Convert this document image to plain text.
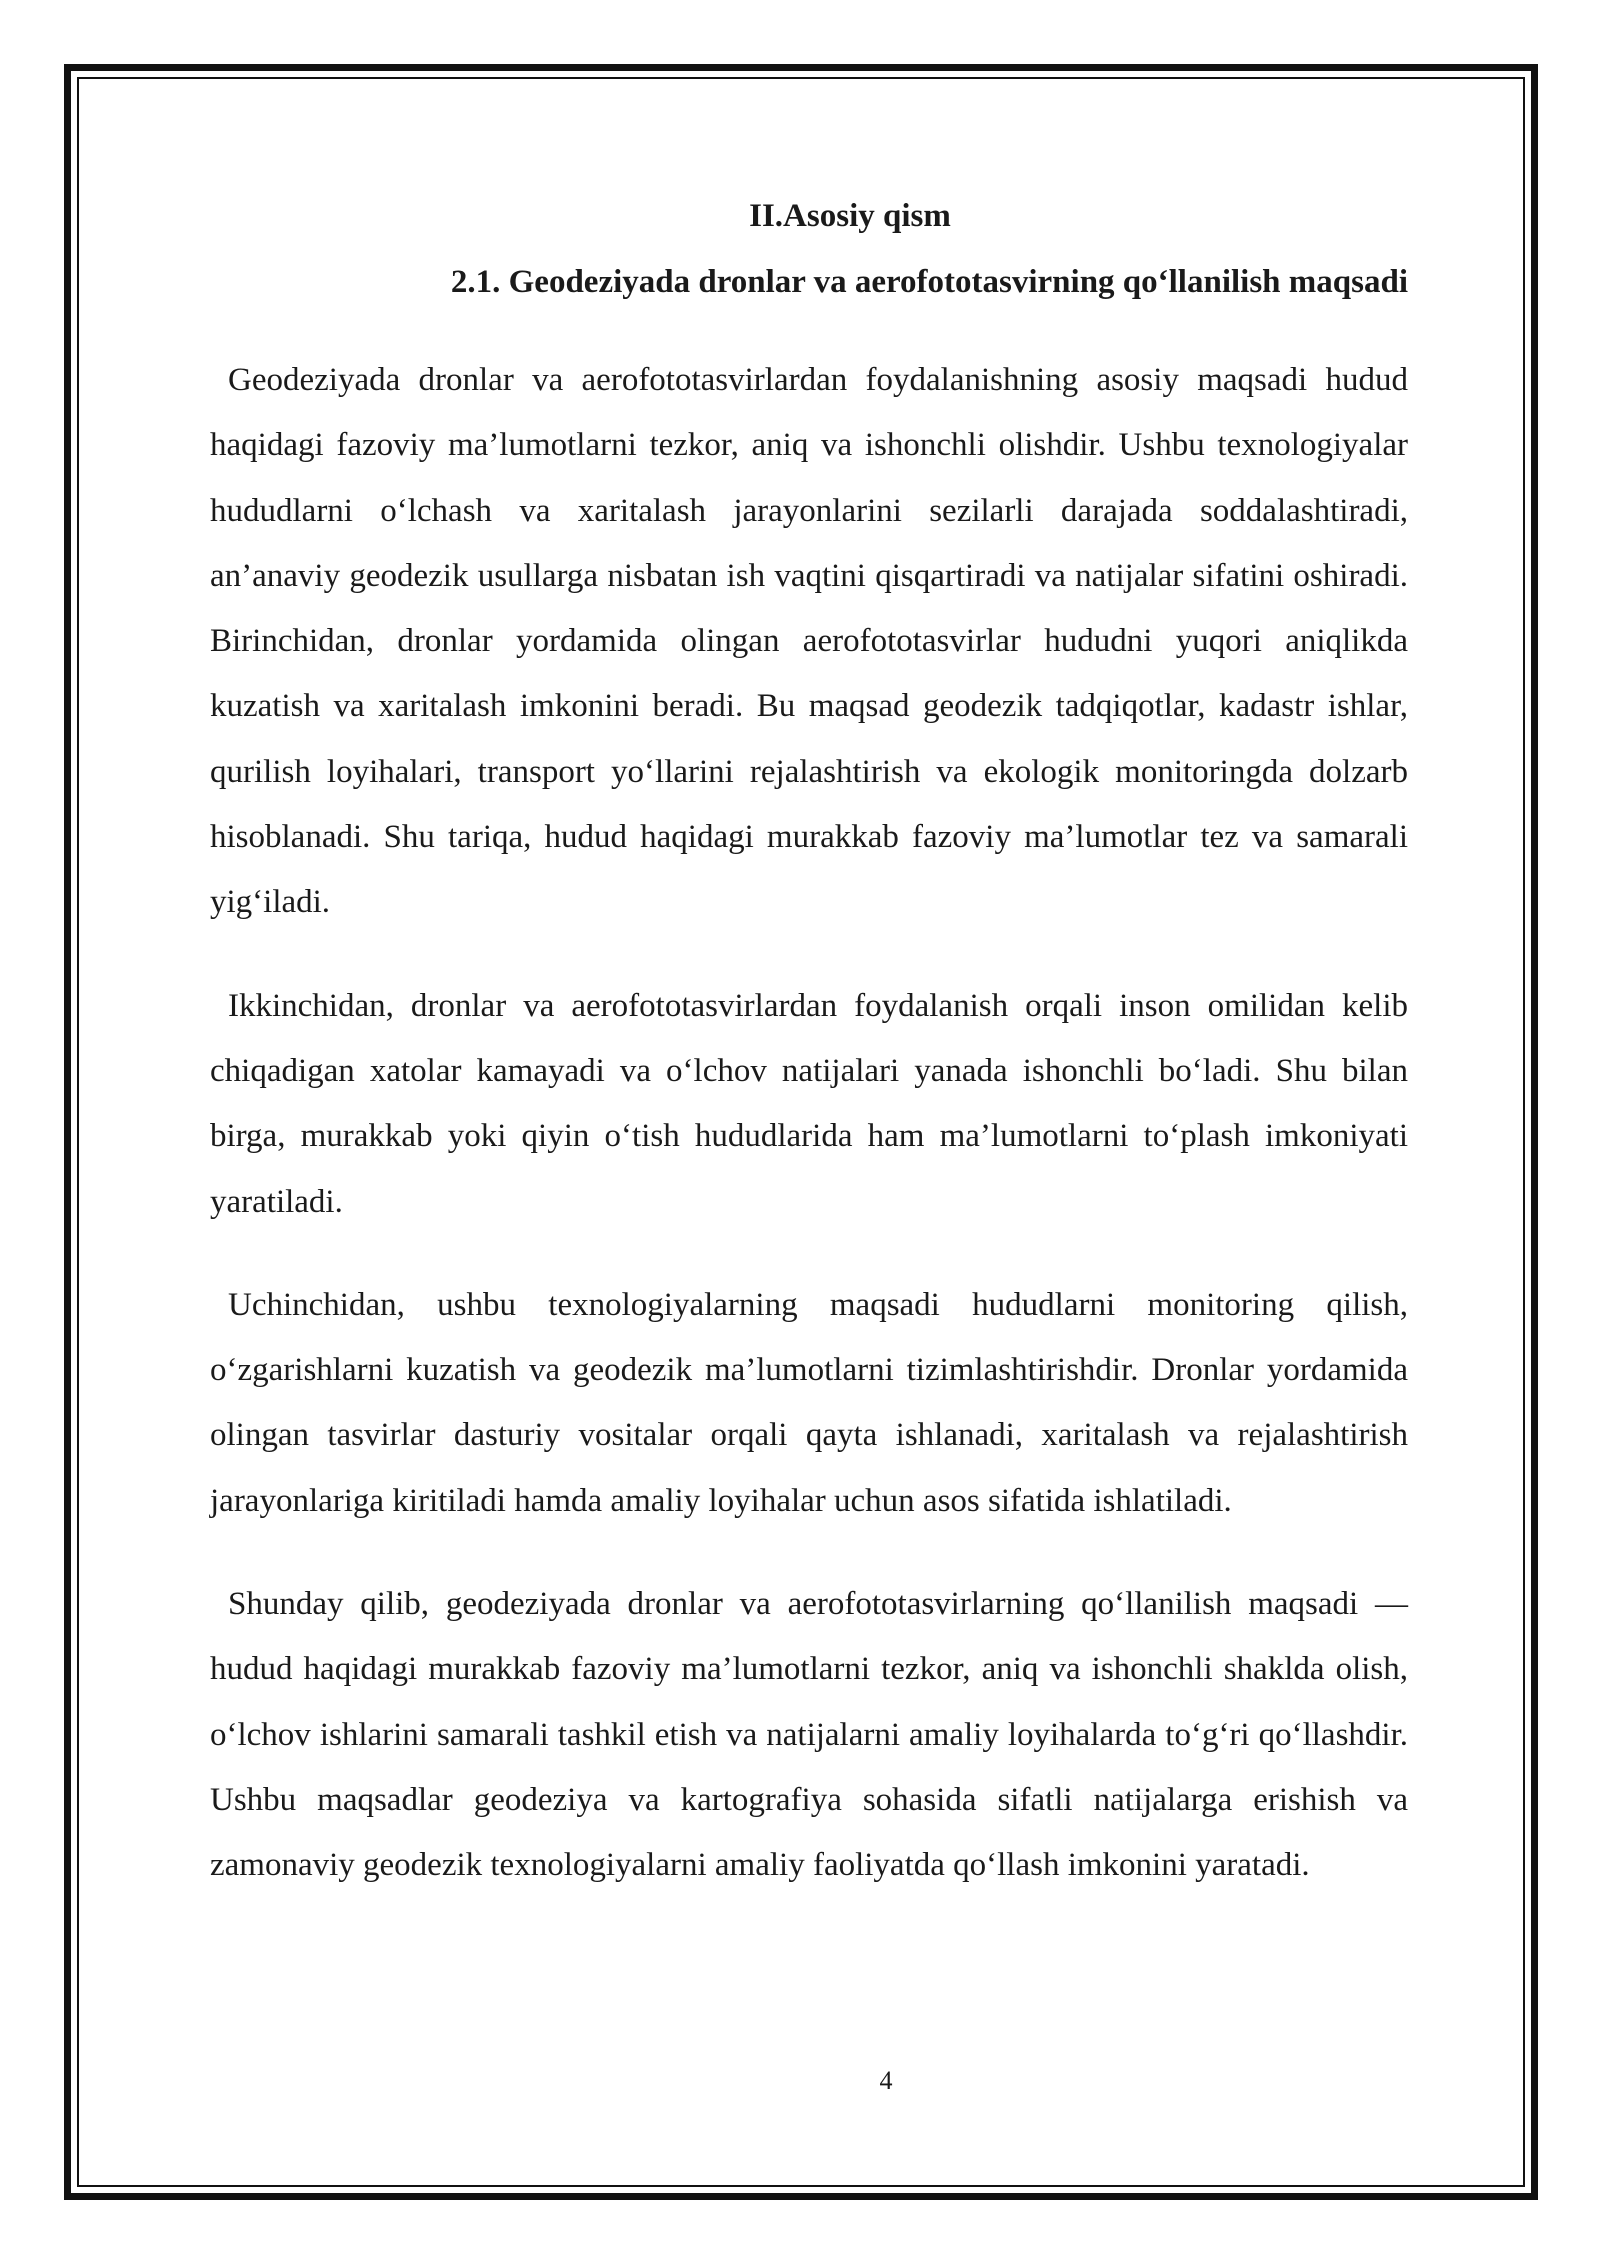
II.Asosiy qism
2.1. Geodeziyada dronlar va aerofototasvirning qo‘llanilish maqsadi

Geodeziyada dronlar va aerofototasvirlardan foydalanishning asosiy maqsadi hudud haqidagi fazoviy ma’lumotlarni tezkor, aniq va ishonchli olishdir. Ushbu texnologiyalar hududlarni o‘lchash va xaritalash jarayonlarini sezilarli darajada soddalashtiradi, an’anaviy geodezik usullarga nisbatan ish vaqtini qisqartiradi va natijalar sifatini oshiradi. Birinchidan, dronlar yordamida olingan aerofototasvirlar hududni yuqori aniqlikda kuzatish va xaritalash imkonini beradi. Bu maqsad geodezik tadqiqotlar, kadastr ishlar, qurilish loyihalari, transport yo‘llarini rejalashtirish va ekologik monitoringda dolzarb hisoblanadi. Shu tariqa, hudud haqidagi murakkab fazoviy ma’lumotlar tez va samarali yig‘iladi.

Ikkinchidan, dronlar va aerofototasvirlardan foydalanish orqali inson omilidan kelib chiqadigan xatolar kamayadi va o‘lchov natijalari yanada ishonchli bo‘ladi. Shu bilan birga, murakkab yoki qiyin o‘tish hududlarida ham ma’lumotlarni to‘plash imkoniyati yaratiladi.

Uchinchidan, ushbu texnologiyalarning maqsadi hududlarni monitoring qilish, o‘zgarishlarni kuzatish va geodezik ma’lumotlarni tizimlashtirishdir. Dronlar yordamida olingan tasvirlar dasturiy vositalar orqali qayta ishlanadi, xaritalash va rejalashtirish jarayonlariga kiritiladi hamda amaliy loyihalar uchun asos sifatida ishlatiladi.

Shunday qilib, geodeziyada dronlar va aerofototasvirlarning qo‘llanilish maqsadi — hudud haqidagi murakkab fazoviy ma’lumotlarni tezkor, aniq va ishonchli shaklda olish, o‘lchov ishlarini samarali tashkil etish va natijalarni amaliy loyihalarda to‘g‘ri qo‘llashdir. Ushbu maqsadlar geodeziya va kartografiya sohasida sifatli natijalarga erishish va zamonaviy geodezik texnologiyalarni amaliy faoliyatda qo‘llash imkonini yaratadi.

4
